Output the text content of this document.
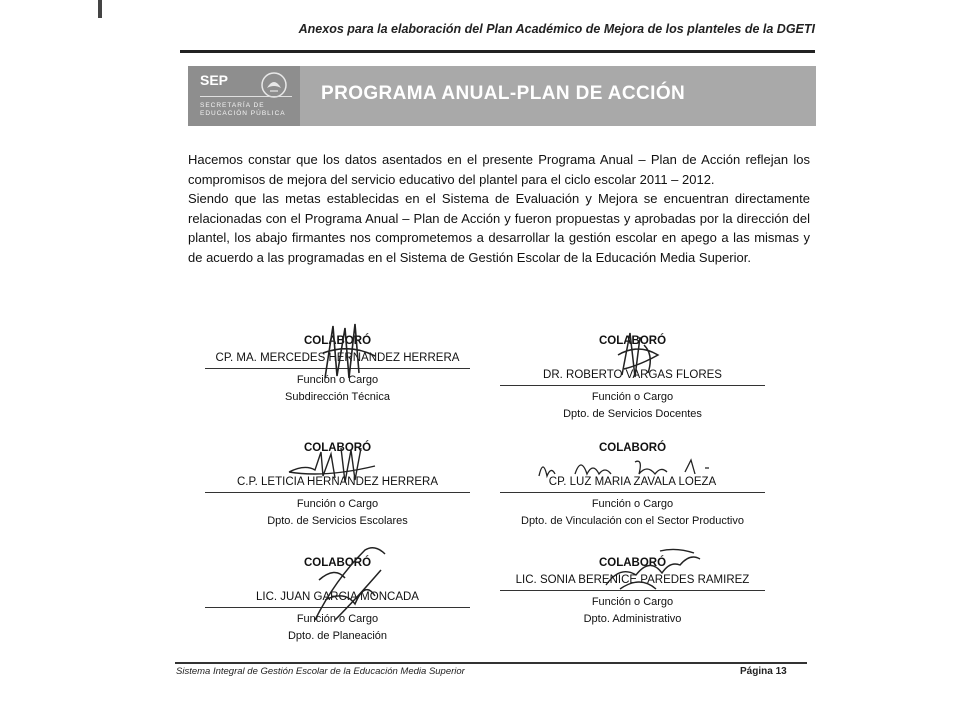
Anexos para la elaboración del Plan Académico de Mejora de los planteles de la DGETI
SEP
SECRETARÍA DE EDUCACIÓN PÚBLICA
PROGRAMA ANUAL-PLAN DE ACCIÓN

Hacemos constar que los datos asentados en el presente Programa Anual – Plan de Acción reflejan los compromisos de mejora del servicio educativo del plantel para el ciclo escolar 2011 – 2012.

Siendo que las metas establecidas en el Sistema de Evaluación y Mejora se encuentran directamente relacionadas con el Programa Anual – Plan de Acción y fueron propuestas y aprobadas por la dirección del plantel, los abajo firmantes nos comprometemos a desarrollar la gestión escolar en apego a las mismas y de acuerdo a las programadas en el Sistema de Gestión Escolar de la Educación Media Superior.

COLABORÓ
CP. MA. MERCEDES HERNANDEZ HERRERA
Función o Cargo
Subdirección Técnica
COLABORÓ
DR. ROBERTO VARGAS FLORES
Función o Cargo
Dpto. de Servicios Docentes
COLABORÓ
C.P. LETICIA HERNANDEZ HERRERA
Función o Cargo
Dpto. de Servicios Escolares
COLABORÓ
CP. LUZ MARIA ZAVALA LOEZA
Función o Cargo
Dpto. de Vinculación con el Sector Productivo
COLABORÓ
LIC. JUAN GARCIA MONCADA
Función o Cargo
Dpto. de Planeación
COLABORÓ
LIC. SONIA BERENICE PAREDES RAMIREZ
Función o Cargo
Dpto. Administrativo
Sistema Integral de Gestión Escolar de la Educación Media Superior	Página 13
